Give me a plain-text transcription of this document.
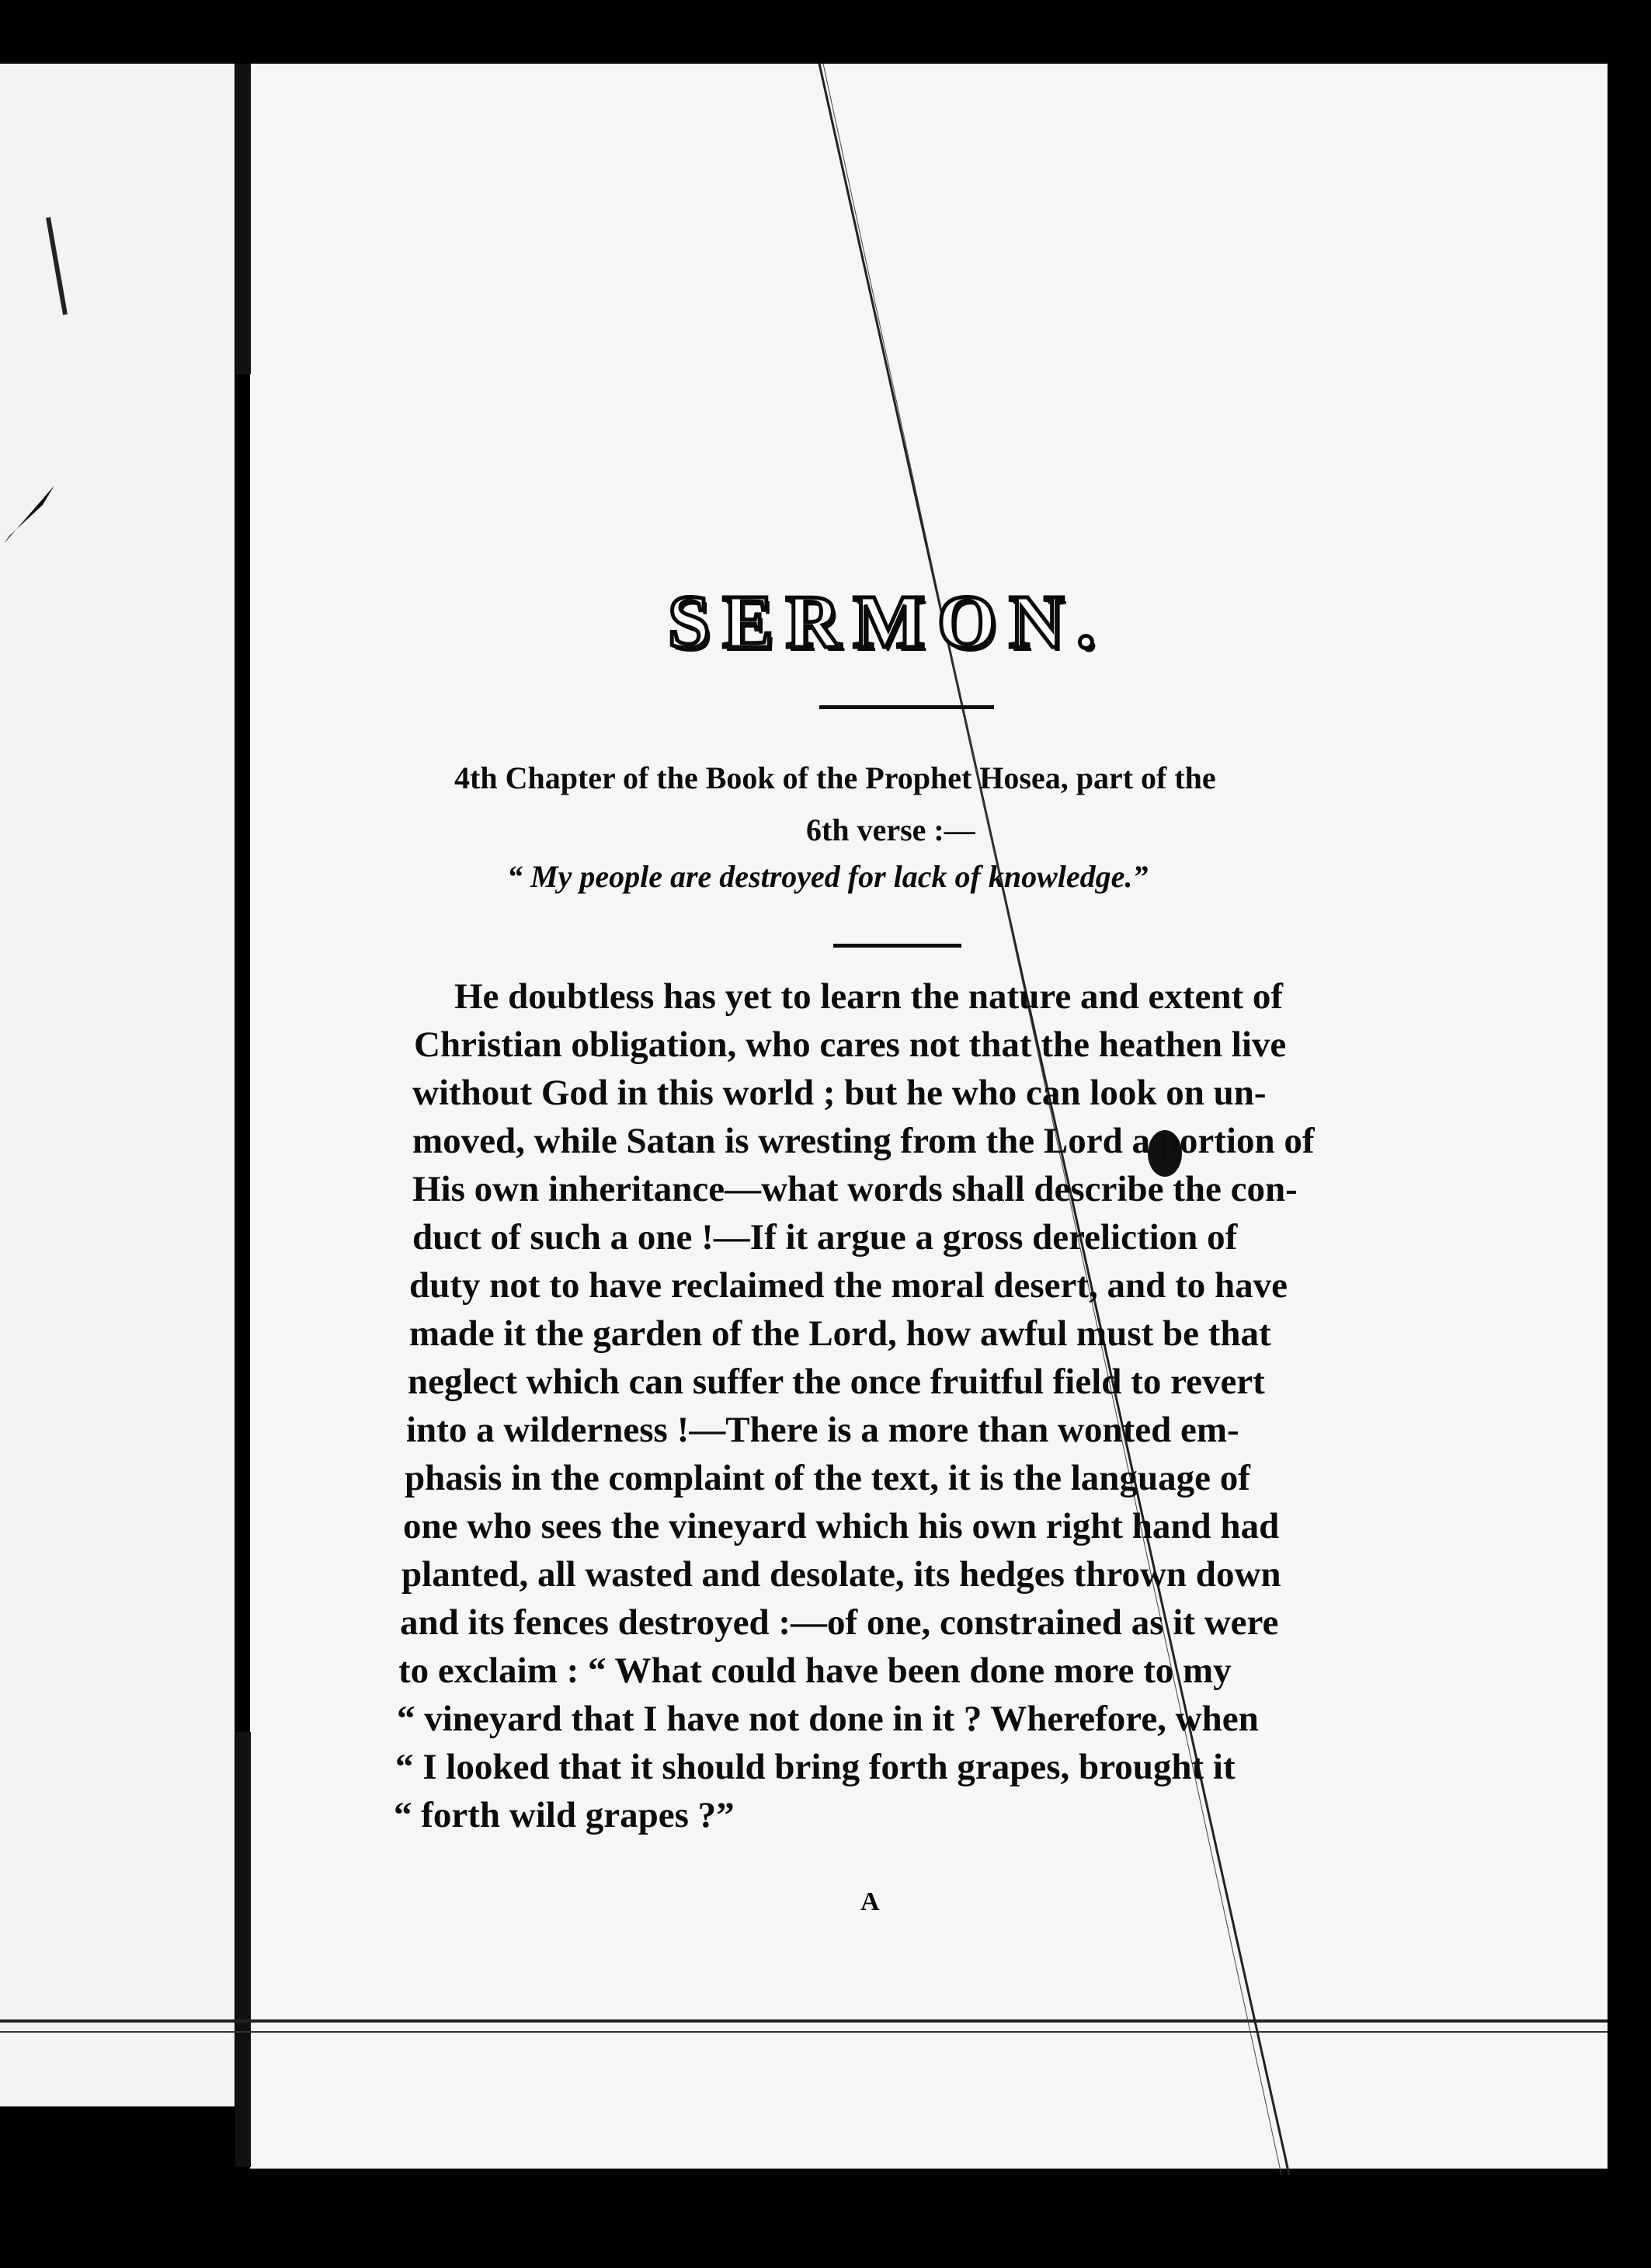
SERMON.
4th Chapter of the Book of the Prophet Hosea, part of the
6th verse :—
“ My people are destroyed for lack of knowledge.”
He doubtless has yet to learn the nature and extent of
Christian obligation, who cares not that the heathen live
without God in this world ; but he who can look on un-
moved, while Satan is wresting from the Lord a portion of
His own inheritance—what words shall describe the con-
duct of such a one !—If it argue a gross dereliction of
duty not to have reclaimed the moral desert, and to have
made it the garden of the Lord, how awful must be that
neglect which can suffer the once fruitful field to revert
into a wilderness !—There is a more than wonted em-
phasis in the complaint of the text, it is the language of
one who sees the vineyard which his own right hand had
planted, all wasted and desolate, its hedges thrown down
and its fences destroyed :—of one, constrained as it were
to exclaim : “ What could have been done more to my
“ vineyard that I have not done in it ? Wherefore, when
“ I looked that it should bring forth grapes, brought it
“ forth wild grapes ?”
A
